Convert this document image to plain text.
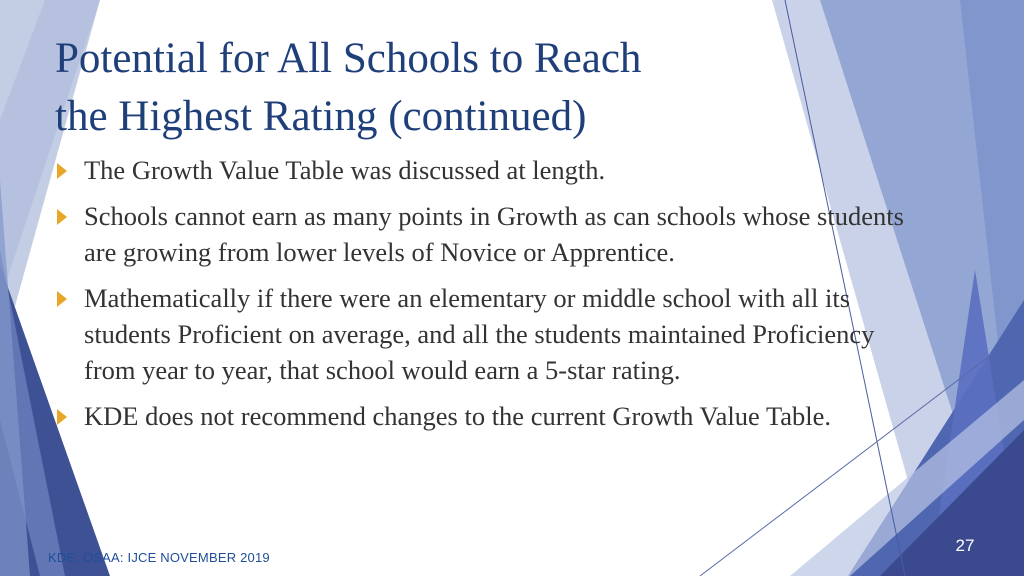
Potential for All Schools to Reach
the Highest Rating (continued)
The Growth Value Table was discussed at length.
Schools cannot earn as many points in Growth as can schools whose students are growing from lower levels of Novice or Apprentice.
Mathematically if there were an elementary or middle school with all its students Proficient on average, and all the students maintained Proficiency from year to year, that school would earn a 5-star rating.
KDE does not recommend changes to the current Growth Value Table.
KDE: OSAA: IJCE NOVEMBER 2019
27
